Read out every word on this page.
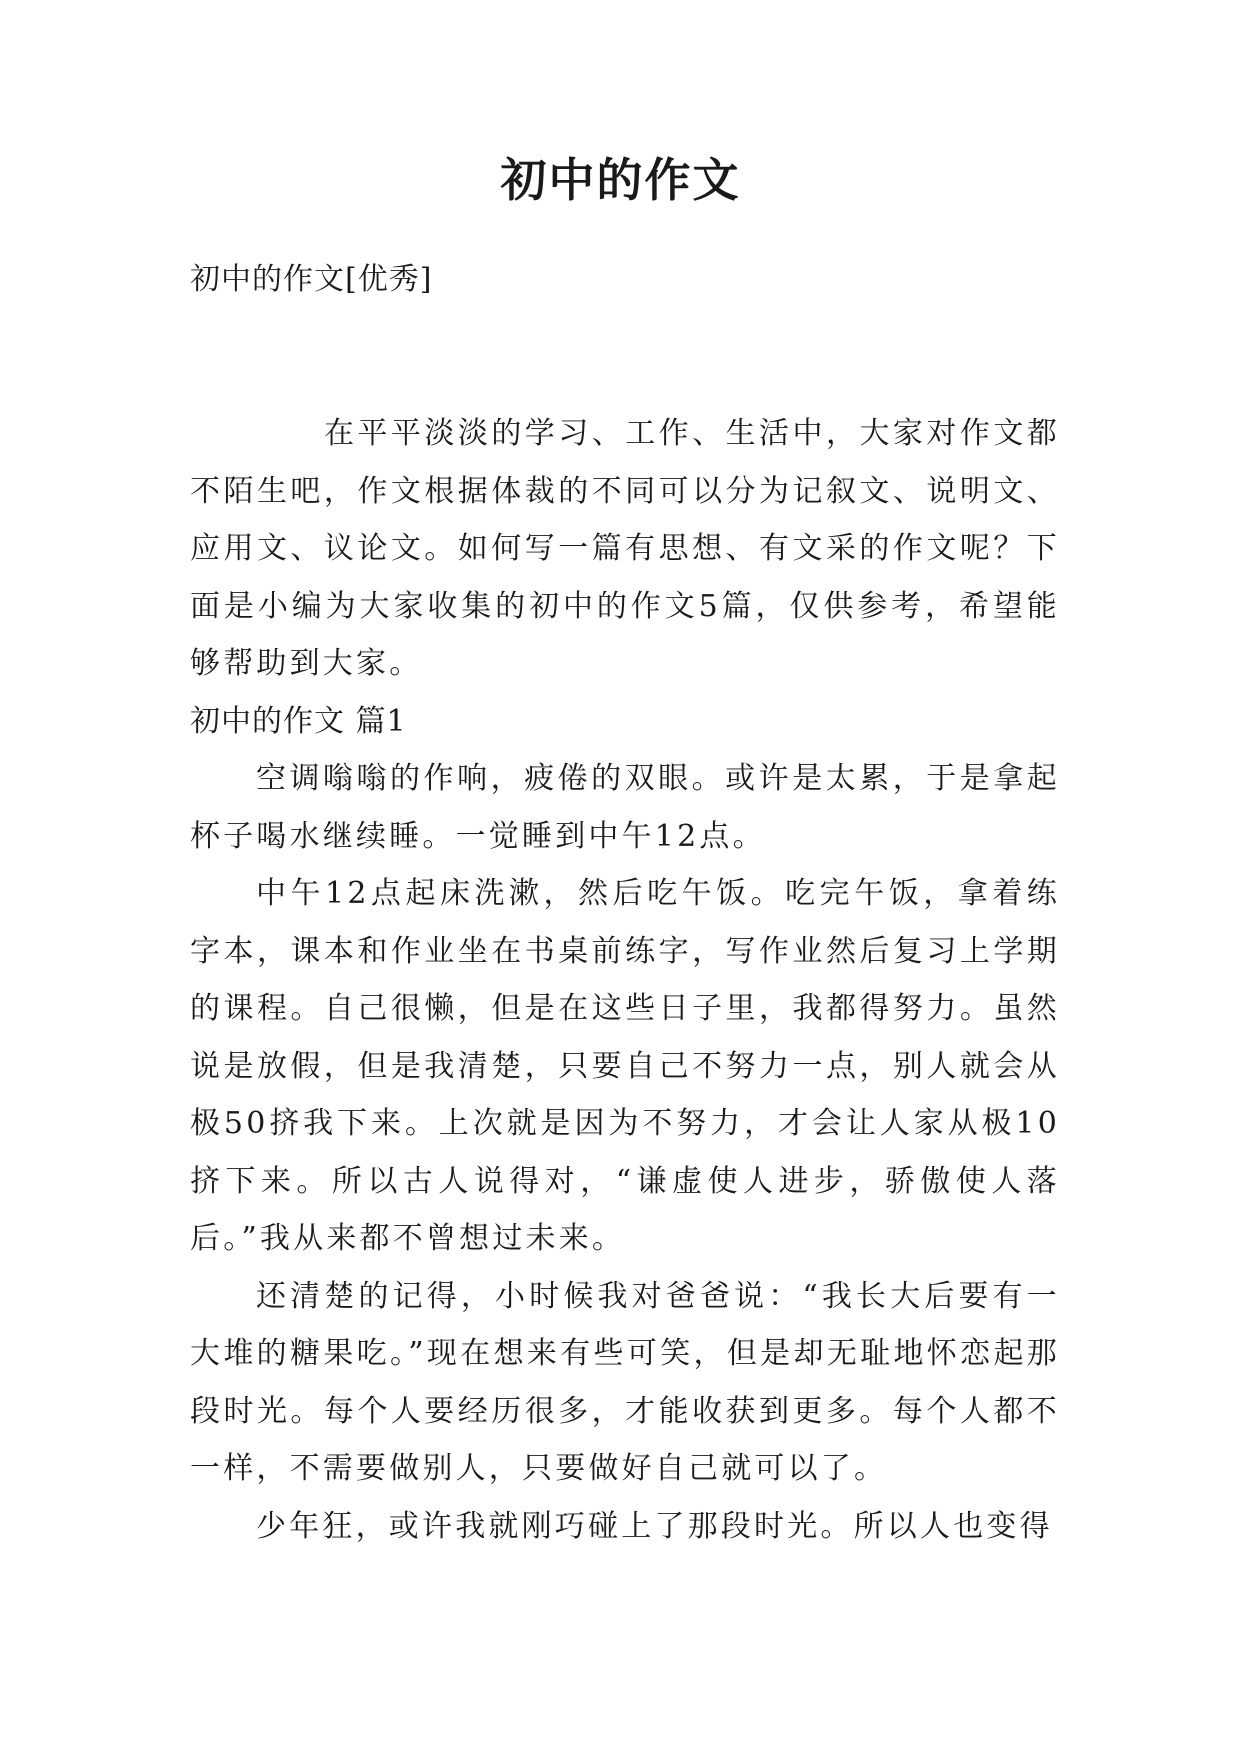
初中的作文

初中的作文[优秀]

在平平淡淡的学习、工作、生活中，大家对作文都不陌生吧，作文根据体裁的不同可以分为记叙文、说明文、应用文、议论文。如何写一篇有思想、有文采的作文呢？下面是小编为大家收集的初中的作文5篇，仅供参考，希望能够帮助到大家。

初中的作文 篇1

空调嗡嗡的作响，疲倦的双眼。或许是太累，于是拿起杯子喝水继续睡。一觉睡到中午12点。

中午12点起床洗漱，然后吃午饭。吃完午饭，拿着练字本，课本和作业坐在书桌前练字，写作业然后复习上学期的课程。自己很懒，但是在这些日子里，我都得努力。虽然说是放假，但是我清楚，只要自己不努力一点，别人就会从极50挤我下来。上次就是因为不努力，才会让人家从极10挤下来。所以古人说得对，“谦虚使人进步，骄傲使人落后。”我从来都不曾想过未来。

还清楚的记得，小时候我对爸爸说：“我长大后要有一大堆的糖果吃。”现在想来有些可笑，但是却无耻地怀恋起那段时光。每个人要经历很多，才能收获到更多。每个人都不一样，不需要做别人，只要做好自己就可以了。

少年狂，或许我就刚巧碰上了那段时光。所以人也变得
